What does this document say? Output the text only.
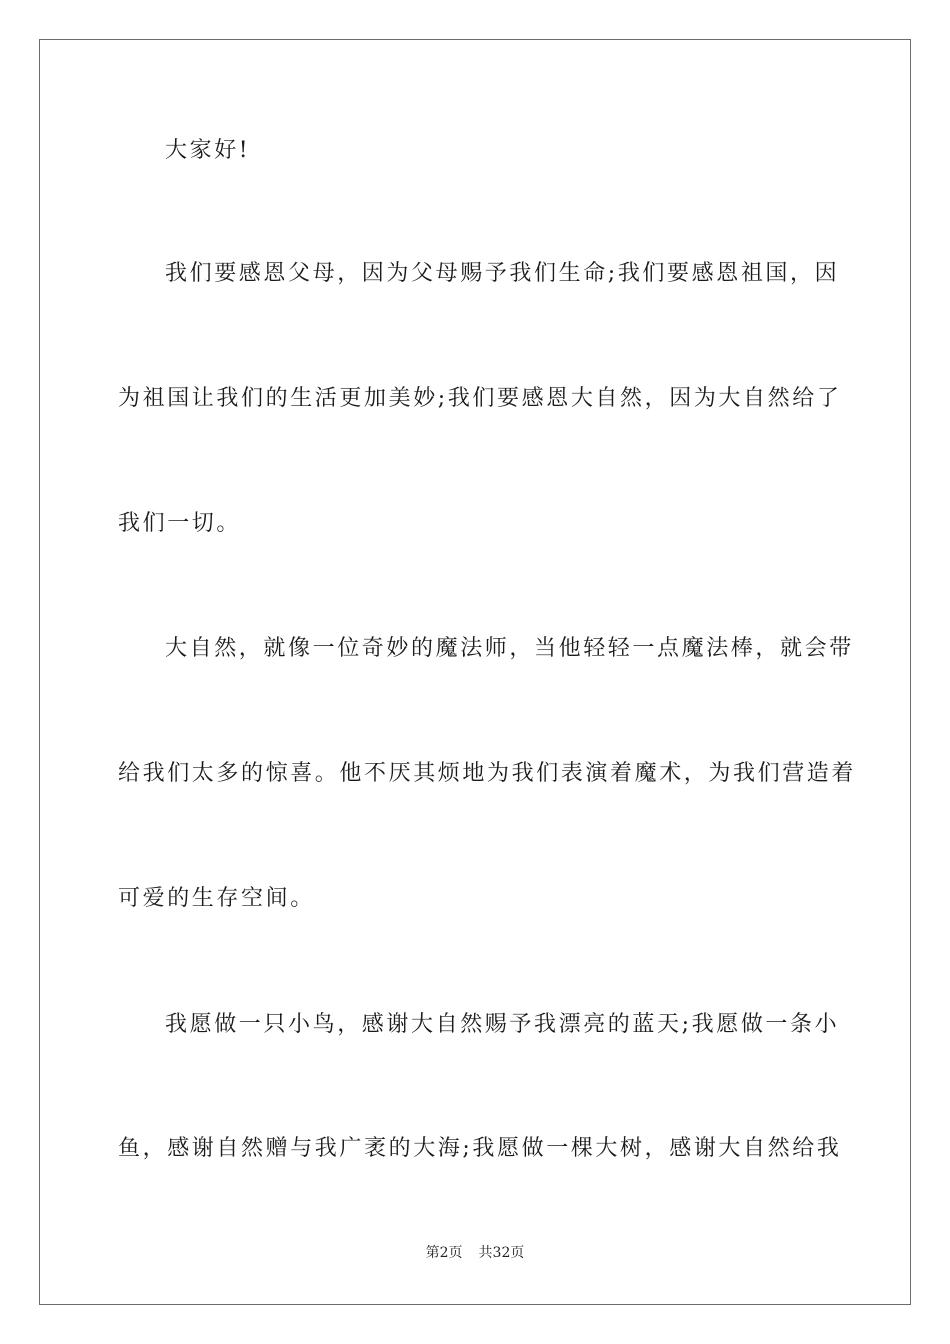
大家好!
我们要感恩父母，因为父母赐予我们生命;我们要感恩祖国，因
为祖国让我们的生活更加美妙;我们要感恩大自然，因为大自然给了
我们一切。
大自然，就像一位奇妙的魔法师，当他轻轻一点魔法棒，就会带
给我们太多的惊喜。他不厌其烦地为我们表演着魔术，为我们营造着
可爱的生存空间。
我愿做一只小鸟，感谢大自然赐予我漂亮的蓝天;我愿做一条小
鱼，感谢自然赠与我广袤的大海;我愿做一棵大树，感谢大自然给我
第2页 共32页
